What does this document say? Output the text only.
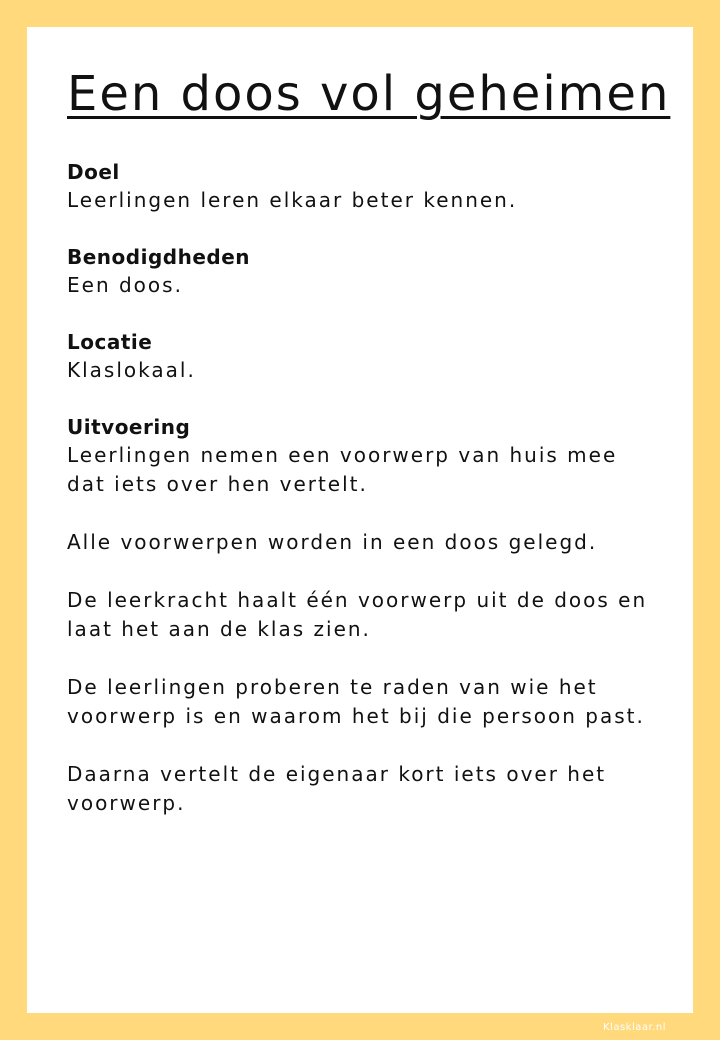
Een doos vol geheimen
Doel

Leerlingen leren elkaar beter kennen.

Benodigdheden

Een doos.

Locatie

Klaslokaal.

Uitvoering

Leerlingen nemen een voorwerp van huis mee dat iets over hen vertelt.

Alle voorwerpen worden in een doos gelegd.

De leerkracht haalt één voorwerp uit de doos en laat het aan de klas zien.

De leerlingen proberen te raden van wie het voorwerp is en waarom het bij die persoon past.

Daarna vertelt de eigenaar kort iets over het voorwerp.

Klasklaar.nl
